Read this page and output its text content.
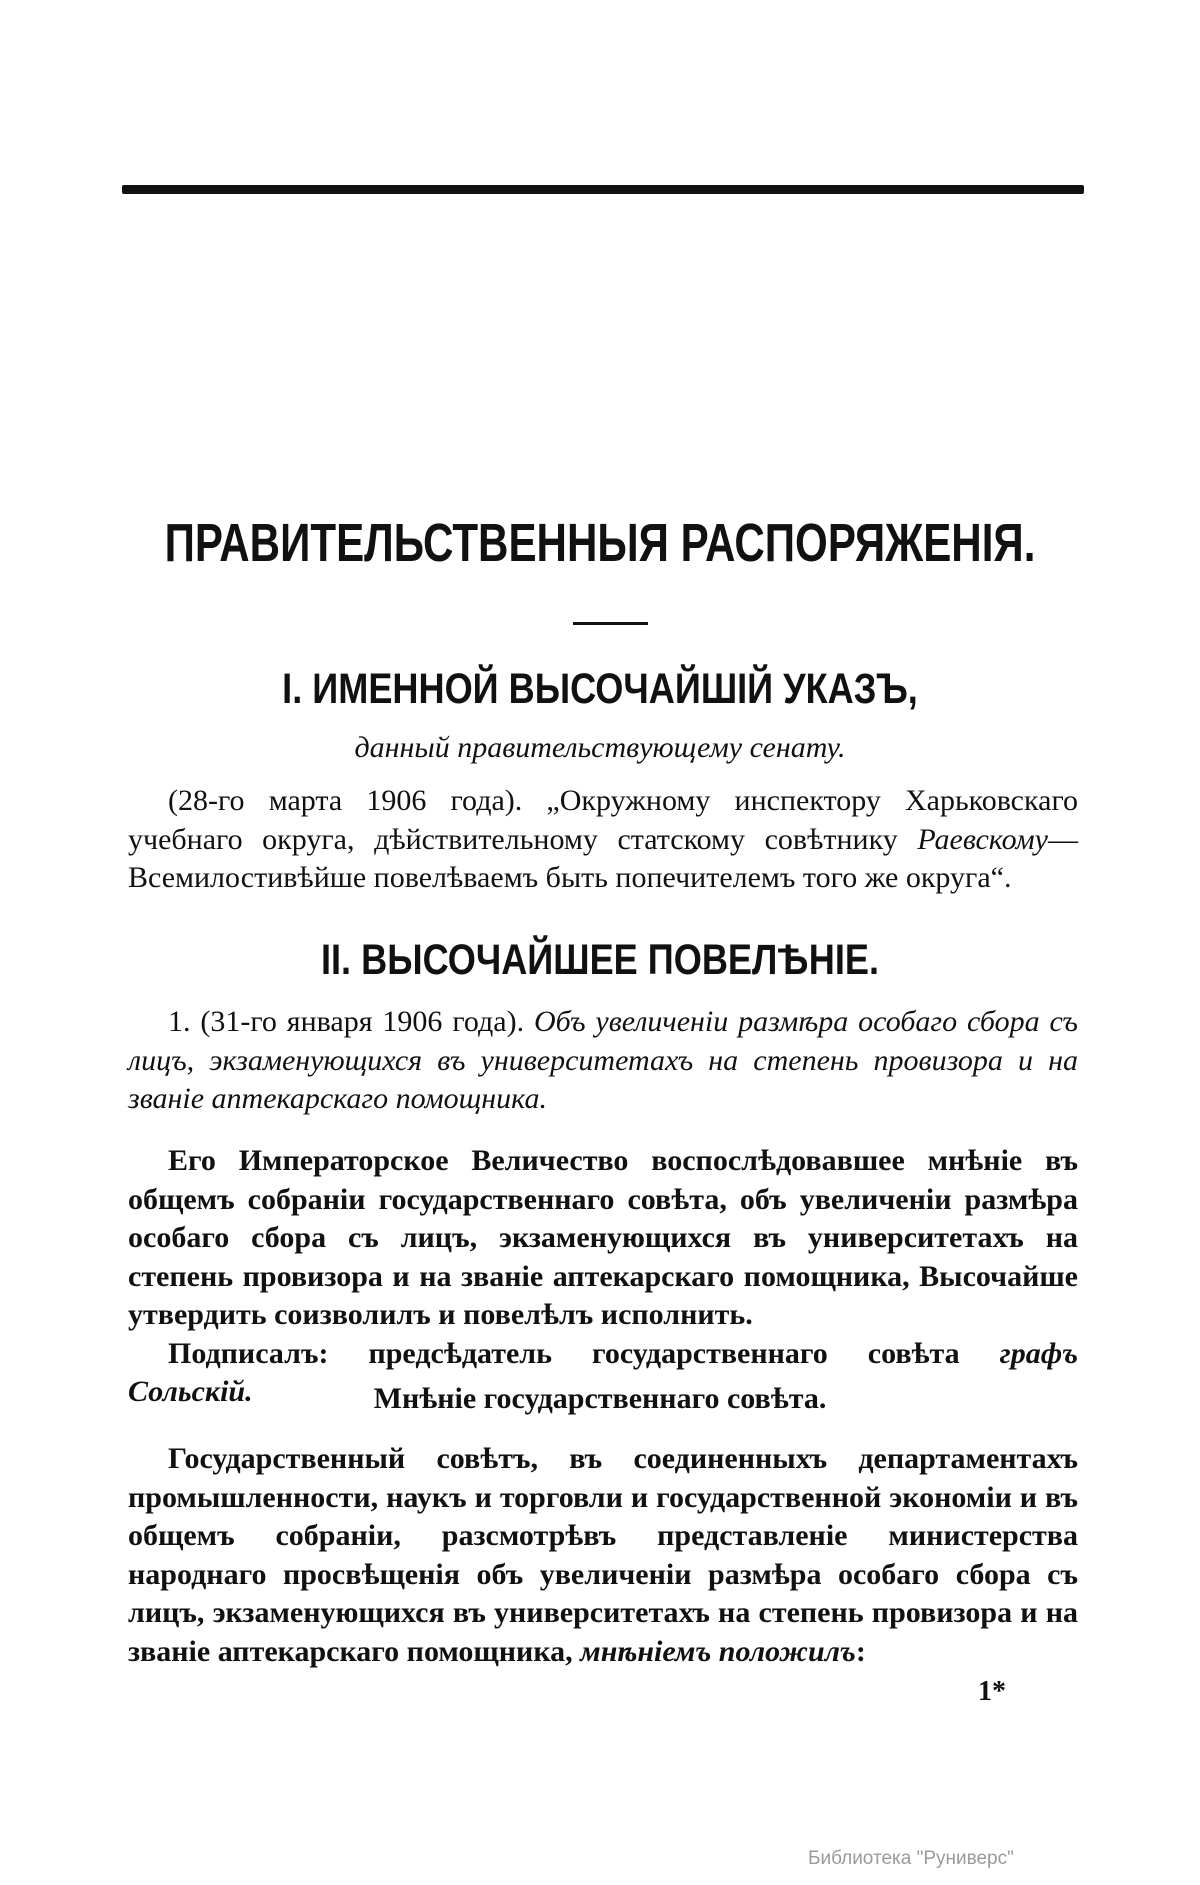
ПРАВИТЕЛЬСТВЕННЫЯ РАСПОРЯЖЕНІЯ.
I. ИМЕННОЙ ВЫСОЧАЙШІЙ УКАЗЪ,
данный правительствующему сенату.

(28-го марта 1906 года). „Окружному инспектору Харьковскаго учебнаго округа, дѣйствительному статскому совѣтнику Раевскому— Всемилостивѣйше повелѣваемъ быть попечителемъ того же округа“.

II. ВЫСОЧАЙШЕЕ ПОВЕЛѢНІЕ.

1. (31-го января 1906 года). Объ увеличеніи размѣра особаго сбора съ лицъ, экзаменующихся въ университетахъ на степень провизора и на званіе аптекарскаго помощника.

Его Императорское Величество воспослѣдовавшее мнѣніе въ общемъ собраніи государственнаго совѣта, объ увеличеніи размѣра особаго сбора съ лицъ, экзаменующихся въ университетахъ на степень провизора и на званіе аптекарскаго помощника, Высочайше утвердить соизволилъ и повелѣлъ исполнить.

Подписалъ: предсѣдатель государственнаго совѣта графъ Сольскій.	Мнѣніе государственнаго совѣта.

Государственный совѣтъ, въ соединенныхъ департаментахъ промышленности, наукъ и торговли и государственной экономіи и въ общемъ собраніи, разсмотрѣвъ представленіе министерства народнаго просвѣщенія объ увеличеніи размѣра особаго сбора съ лицъ, экзаменующихся въ университетахъ на степень провизора и на званіе аптекарскаго помощника, мнѣніемъ положилъ:

1*
Библиотека "Руниверс"
